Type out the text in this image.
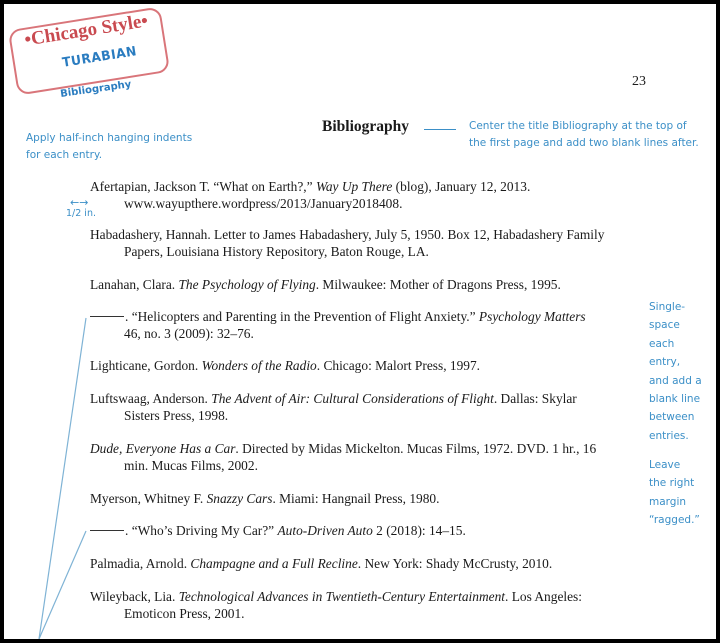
•Chicago Style•
TURABIAN
Bibliography	23
Bibliography
Apply half-inch hanging indents
for each entry.
Center the title Bibliography at the top of
the first page and add two blank lines after.
Single-
space
each
entry,
and add a
blank line
between
entries.
Leave
the right
margin
“ragged.”
←→
1/2 in.
Afertapian, Jackson T. “What on Earth?,” Way Up There (blog), January 12, 2013.
www.wayupthere.wordpress/2013/January2018408.
Habadashery, Hannah. Letter to James Habadashery, July 5, 1950. Box 12, Habadashery Family
Papers, Louisiana History Repository, Baton Rouge, LA.
Lanahan, Clara. The Psychology of Flying. Milwaukee: Mother of Dragons Press, 1995.
. “Helicopters and Parenting in the Prevention of Flight Anxiety.” Psychology Matters
46, no. 3 (2009): 32–76.
Lighticane, Gordon. Wonders of the Radio. Chicago: Malort Press, 1997.
Luftswaag, Anderson. The Advent of Air: Cultural Considerations of Flight. Dallas: Skylar
Sisters Press, 1998.
Dude, Everyone Has a Car. Directed by Midas Mickelton. Mucas Films, 1972. DVD. 1 hr., 16
min. Mucas Films, 2002.
Myerson, Whitney F. Snazzy Cars. Miami: Hangnail Press, 1980.
. “Who’s Driving My Car?” Auto-Driven Auto 2 (2018): 14–15.
Palmadia, Arnold. Champagne and a Full Recline. New York: Shady McCrusty, 2010.
Wileyback, Lia. Technological Advances in Twentieth-Century Entertainment. Los Angeles:
Emoticon Press, 2001.
